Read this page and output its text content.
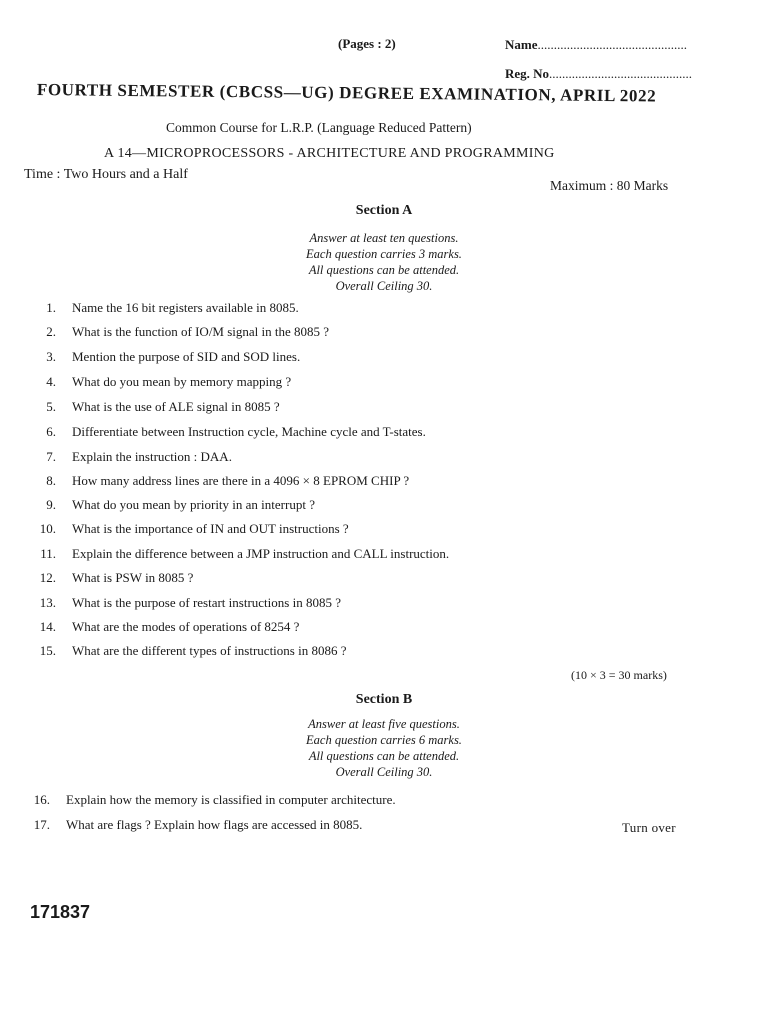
(Pages : 2)	Name..............................................
Reg. No............................................
FOURTH SEMESTER (CBCSS—UG) DEGREE EXAMINATION, APRIL 2022
Common Course for L.R.P. (Language Reduced Pattern)
A 14—MICROPROCESSORS - ARCHITECTURE AND PROGRAMMING
Time : Two Hours and a Half
Maximum : 80 Marks
Section A
Answer at least ten questions.
Each question carries 3 marks.
All questions can be attended.
Overall Ceiling 30.
1. Name the 16 bit registers available in 8085.
2. What is the function of IO/M signal in the 8085 ?
3. Mention the purpose of SID and SOD lines.
4. What do you mean by memory mapping ?
5. What is the use of ALE signal in 8085 ?
6. Differentiate between Instruction cycle, Machine cycle and T-states.
7. Explain the instruction : DAA.
8. How many address lines are there in a 4096 × 8 EPROM CHIP ?
9. What do you mean by priority in an interrupt ?
10. What is the importance of IN and OUT instructions ?
11. Explain the difference between a JMP instruction and CALL instruction.
12. What is PSW in 8085 ?
13. What is the purpose of restart instructions in 8085 ?
14. What are the modes of operations of 8254 ?
15. What are the different types of instructions in 8086 ?
(10 × 3 = 30 marks)
Section B
Answer at least five questions.
Each question carries 6 marks.
All questions can be attended.
Overall Ceiling 30.
16. Explain how the memory is classified in computer architecture.
17. What are flags ? Explain how flags are accessed in 8085.	Turn over
171837
